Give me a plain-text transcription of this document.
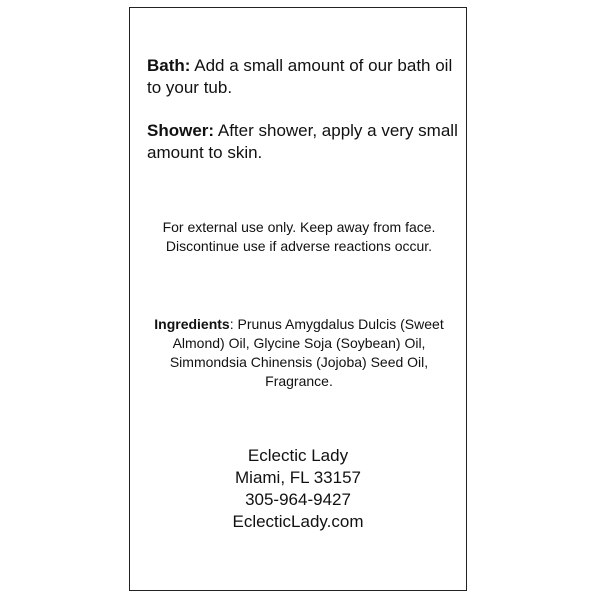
Bath: Add a small amount of our bath oil to your tub.

Shower: After shower, apply a very small amount to skin.

For external use only. Keep away from face. Discontinue use if adverse reactions occur.

Ingredients: Prunus Amygdalus Dulcis (Sweet Almond) Oil, Glycine Soja (Soybean) Oil, Simmondsia Chinensis (Jojoba) Seed Oil, Fragrance.

Eclectic Lady
Miami, FL 33157
305-964-9427
EclecticLady.com
